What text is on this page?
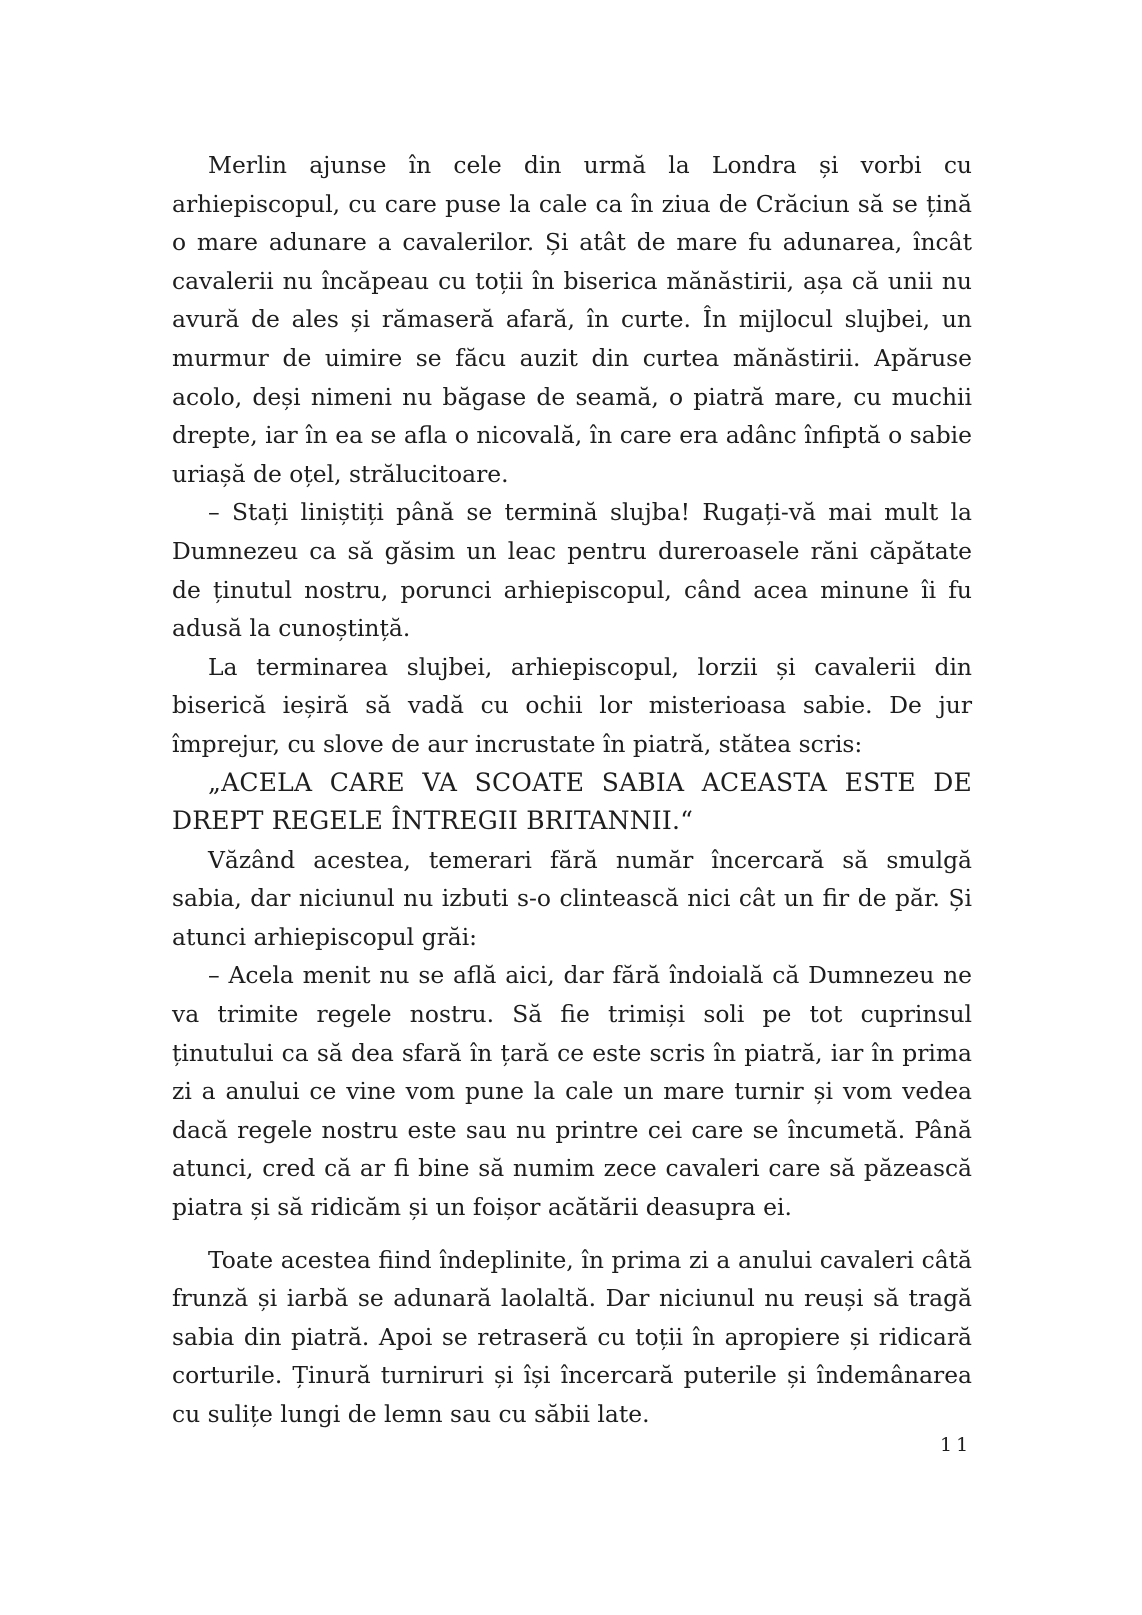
Merlin ajunse în cele din urmă la Londra și vorbi cu arhiepiscopul, cu care puse la cale ca în ziua de Crăciun să se țină o mare adunare a cavalerilor. Și atât de mare fu adunarea, încât cavalerii nu încăpeau cu toții în biserica mănăstirii, așa că unii nu avură de ales și rămaseră afară, în curte. În mijlocul slujbei, un murmur de uimire se făcu auzit din curtea mănăstirii. Apăruse acolo, deși nimeni nu băgase de seamă, o piatră mare, cu muchii drepte, iar în ea se afla o nicovală, în care era adânc înfiptă o sabie uriașă de oțel, strălucitoare.

– Stați liniștiți până se termină slujba! Rugați-vă mai mult la Dumnezeu ca să găsim un leac pentru dureroasele răni căpătate de ținutul nostru, porunci arhiepiscopul, când acea minune îi fu adusă la cunoștință.

La terminarea slujbei, arhiepiscopul, lorzii și cavalerii din biserică ieșiră să vadă cu ochii lor misterioasa sabie. De jur împrejur, cu slove de aur incrustate în piatră, stătea scris:

„ACELA CARE VA SCOATE SABIA ACEASTA ESTE DE DREPT REGELE ÎNTREGII BRITANNII.“

Văzând acestea, temerari fără număr încercară să smulgă sabia, dar niciunul nu izbuti s-o clintească nici cât un fir de păr. Și atunci arhiepiscopul grăi:

– Acela menit nu se află aici, dar fără îndoială că Dumnezeu ne va trimite regele nostru. Să fie trimiși soli pe tot cuprinsul ținutului ca să dea sfară în țară ce este scris în piatră, iar în prima zi a anului ce vine vom pune la cale un mare turnir și vom vedea dacă regele nostru este sau nu printre cei care se încumetă. Până atunci, cred că ar fi bine să numim zece cavaleri care să păzească piatra și să ridicăm și un foișor acătării deasupra ei.

Toate acestea fiind îndeplinite, în prima zi a anului cavaleri câtă frunză și iarbă se adunară laolaltă. Dar niciunul nu reuși să tragă sabia din piatră. Apoi se retraseră cu toții în apropiere și ridicară corturile. Ținură turniruri și își încercară puterile și îndemânarea cu sulițe lungi de lemn sau cu săbii late.

11
